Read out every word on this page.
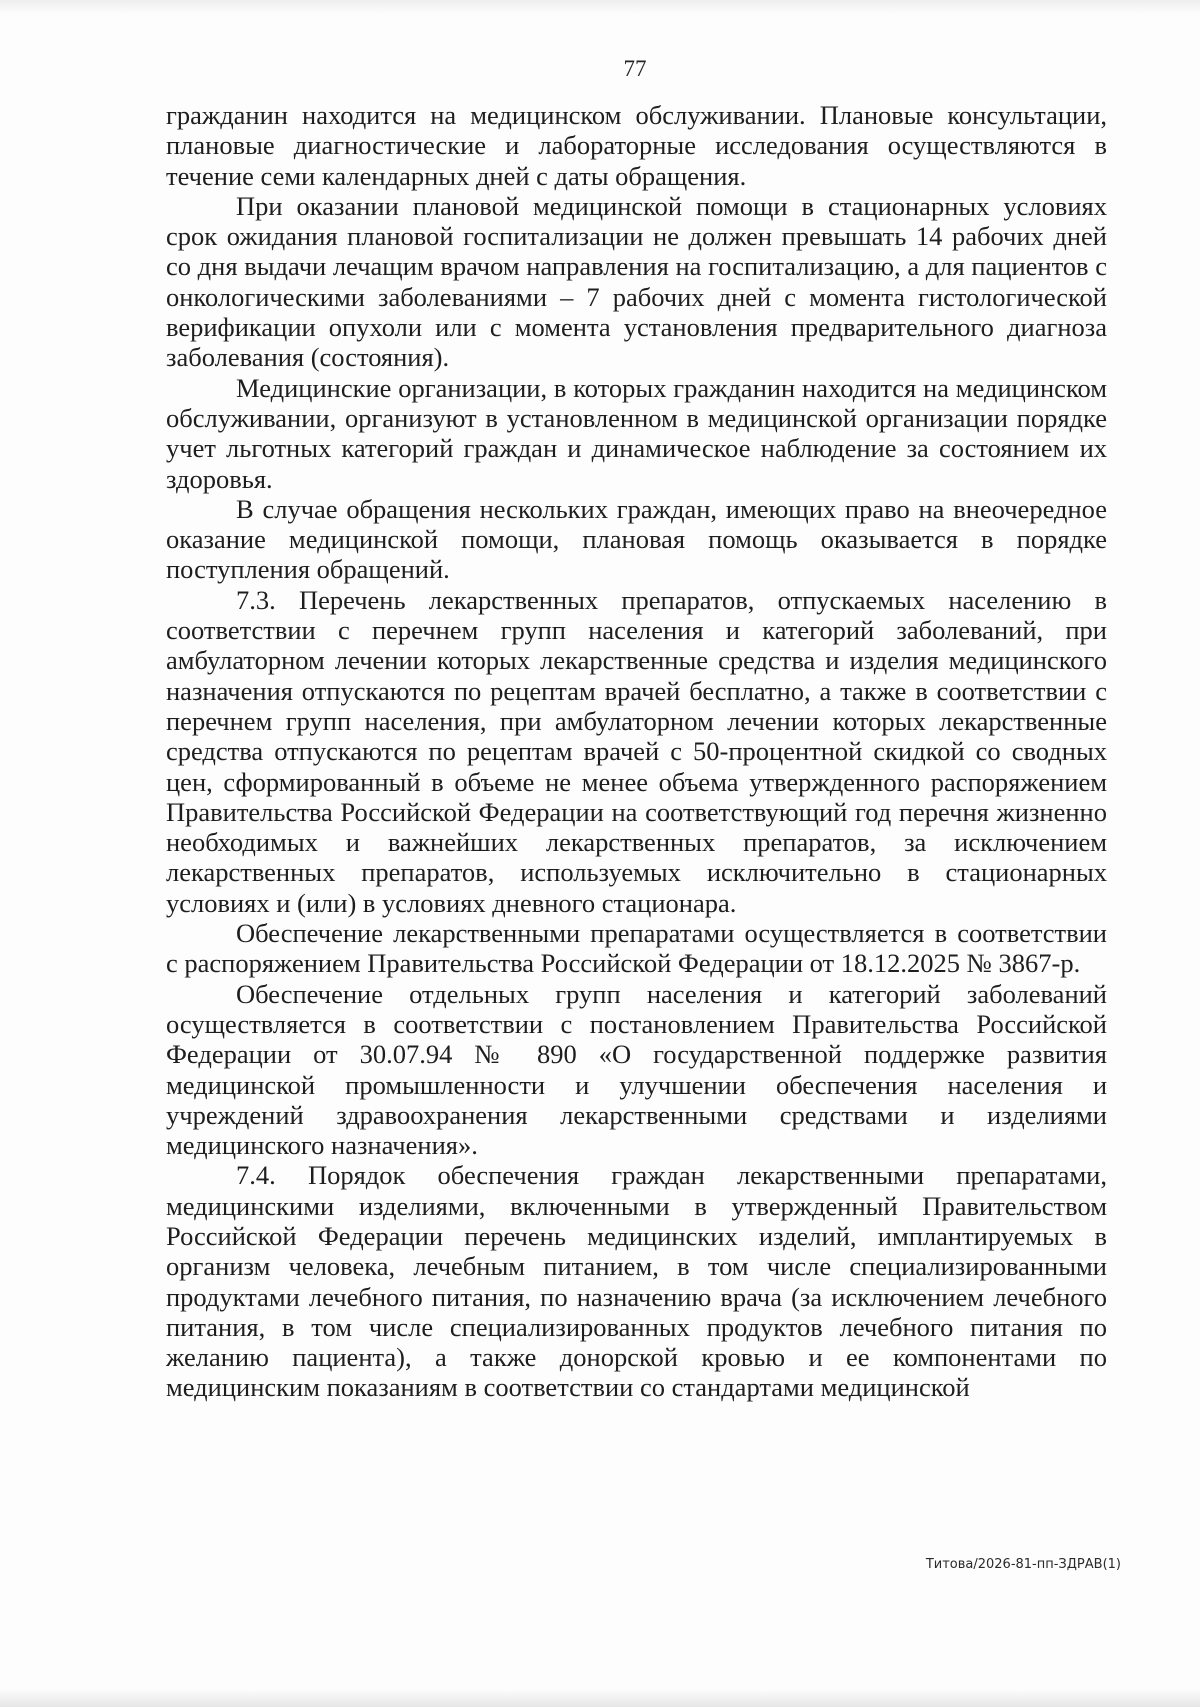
77

гражданин находится на медицинском обслуживании. Плановые консультации, плановые диагностические и лабораторные исследования осуществляются в течение семи календарных дней с даты обращения.

При оказании плановой медицинской помощи в стационарных условиях срок ожидания плановой госпитализации не должен превышать 14 рабочих дней со дня выдачи лечащим врачом направления на госпитализацию, а для пациентов с онкологическими заболеваниями – 7 рабочих дней с момента гистологической верификации опухоли или с момента установления предварительного диагноза заболевания (состояния).

Медицинские организации, в которых гражданин находится на медицинском обслуживании, организуют в установленном в медицинской организации порядке учет льготных категорий граждан и динамическое наблюдение за состоянием их здоровья.

В случае обращения нескольких граждан, имеющих право на внеочередное оказание медицинской помощи, плановая помощь оказывается в порядке поступления обращений.

7.3. Перечень лекарственных препаратов, отпускаемых населению в соответствии с перечнем групп населения и категорий заболеваний, при амбулаторном лечении которых лекарственные средства и изделия медицинского назначения отпускаются по рецептам врачей бесплатно, а также в соответствии с перечнем групп населения, при амбулаторном лечении которых лекарственные средства отпускаются по рецептам врачей с 50-процентной скидкой со сводных цен, сформированный в объеме не менее объема утвержденного распоряжением Правительства Российской Федерации на соответствующий год перечня жизненно необходимых и важнейших лекарственных препаратов, за исключением лекарственных препаратов, используемых исключительно в стационарных условиях и (или) в условиях дневного стационара.

Обеспечение лекарственными препаратами осуществляется в соответствии с распоряжением Правительства Российской Федерации от 18.12.2025 № 3867-р.

Обеспечение отдельных групп населения и категорий заболеваний осуществляется в соответствии с постановлением Правительства Российской Федерации от 30.07.94 № 890 «О государственной поддержке развития медицинской промышленности и улучшении обеспечения населения и учреждений здравоохранения лекарственными средствами и изделиями медицинского назначения».

7.4. Порядок обеспечения граждан лекарственными препаратами, медицинскими изделиями, включенными в утвержденный Правительством Российской Федерации перечень медицинских изделий, имплантируемых в организм человека, лечебным питанием, в том числе специализированными продуктами лечебного питания, по назначению врача (за исключением лечебного питания, в том числе специализированных продуктов лечебного питания по желанию пациента), а также донорской кровью и ее компонентами по медицинским показаниям в соответствии со стандартами медицинской

Титова/2026-81-пп-ЗДРАВ(1)
